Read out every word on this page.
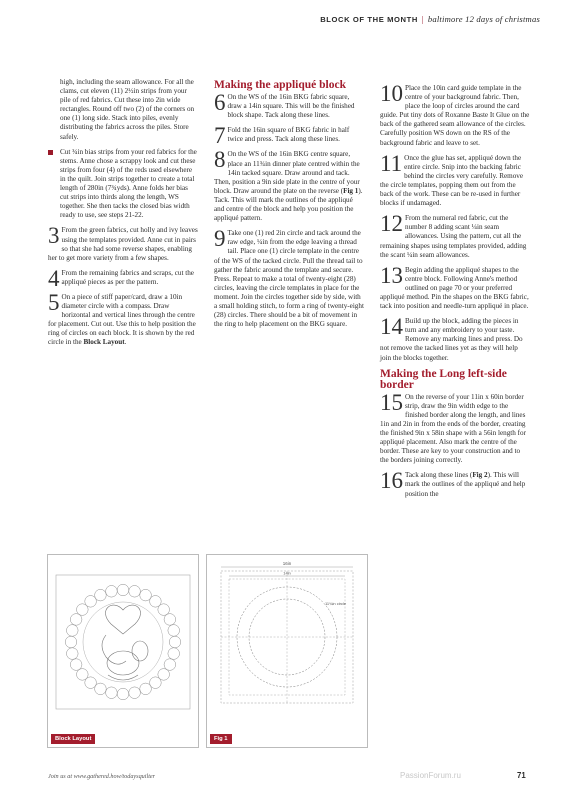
BLOCK OF THE MONTH | baltimore 12 days of christmas

high, including the seam allowance. For all the clams, cut eleven (11) 2½in strips from your pile of red fabrics. Cut these into 2in wide rectangles. Round off two (2) of the corners on one (1) long side. Stack into piles, evenly distributing the fabrics across the piles. Store safely.

Cut ¾in bias strips from your red fabrics for the stems. Anne chose a scrappy look and cut these strips from four (4) of the reds used elsewhere in the quilt. Join strips together to create a total length of 280in (7¾yds). Anne folds her bias cut strips into thirds along the length, WS together. She then tacks the closed bias width ready to use, see steps 21-22.

3 From the green fabrics, cut holly and ivy leaves using the templates provided. Anne cut in pairs so that she had some reverse shapes, enabling her to get more variety from a few shapes.

4 From the remaining fabrics and scraps, cut the appliqué pieces as per the pattern.

5 On a piece of stiff paper/card, draw a 10in diameter circle with a compass. Draw horizontal and vertical lines through the centre for placement. Cut out. Use this to help position the ring of circles on each block. It is shown by the red circle in the Block Layout.

Making the appliqué block

6 On the WS of the 16in BKG fabric square, draw a 14in square. This will be the finished block shape. Tack along these lines.

7 Fold the 16in square of BKG fabric in half twice and press. Tack along these lines.

8 On the WS of the 16in BKG centre square, place an 11¾in dinner plate centred within the 14in tacked square. Draw around and tack. Then, position a 9in side plate in the centre of your block. Draw around the plate on the reverse (Fig 1). Tack. This will mark the outlines of the appliqué and centre of the block and help you position the appliqué pattern.

9 Take one (1) red 2in circle and tack around the raw edge, ¼in from the edge leaving a thread tail. Place one (1) circle template in the centre of the WS of the tacked circle. Pull the thread tail to gather the fabric around the template and secure. Press. Repeat to make a total of twenty-eight (28) circles, leaving the circle templates in place for the moment. Join the circles together side by side, with a small holding stitch, to form a ring of twenty-eight (28) circles. There should be a bit of movement in the ring to help placement on the BKG square.

10 Place the 10in card guide template in the centre of your background fabric. Then, place the loop of circles around the card guide. Put tiny dots of Roxanne Baste It Glue on the back of the gathered seam allowance of the circles. Carefully position WS down on the RS of the background fabric and leave to set.

11 Once the glue has set, appliqué down the entire circle. Snip into the backing fabric behind the circles very carefully. Remove the circle templates, popping them out from the back of the work. These can be re-used in further blocks if undamaged.

12 From the numeral red fabric, cut the number 8 adding scant ¼in seam allowances. Using the pattern, cut all the remaining shapes using templates provided, adding the scant ¼in seam allowances.

13 Begin adding the appliqué shapes to the centre block. Following Anne's method outlined on page 70 or your preferred appliqué method. Pin the shapes on the BKG fabric, tack into position and needle-turn appliqué in place.

14 Build up the block, adding the pieces in turn and any embroidery to your taste. Remove any marking lines and press. Do not remove the tacked lines yet as they will help join the blocks together.

Making the Long left-side border

15 On the reverse of your 11in x 60in border strip, draw the 9in width edge to the finished border along the length, and lines 1in and 2in in from the ends of the border, creating the finished 9in x 58in shape with a 56in length for appliqué placement. Also mark the centre of the border. These are key to your construction and to the borders joining correctly.

16 Tack along these lines (Fig 2). This will mark the outlines of the appliqué and help position the

Block Layout
16in
14in
11¾in circle
Fig 1
Join us at www.gathered.how/todaysquilter	PassionForum.ru	71
